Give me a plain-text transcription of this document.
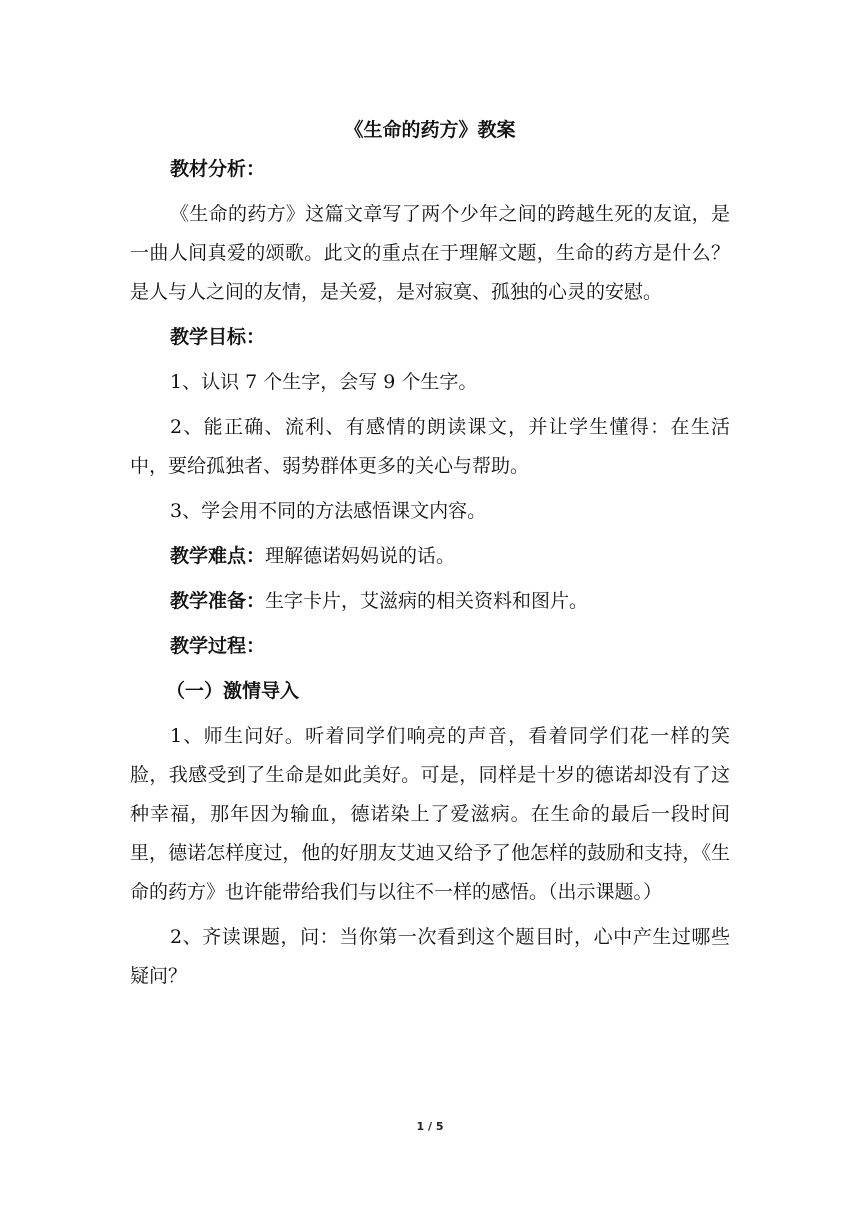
《生命的药方》教案

教材分析：

《生命的药方》这篇文章写了两个少年之间的跨越生死的友谊，是一曲人间真爱的颂歌。此文的重点在于理解文题，生命的药方是什么？是人与人之间的友情，是关爱，是对寂寞、孤独的心灵的安慰。

教学目标：

1、认识 7 个生字，会写 9 个生字。

2、能正确、流利、有感情的朗读课文，并让学生懂得：在生活中，要给孤独者、弱势群体更多的关心与帮助。

3、学会用不同的方法感悟课文内容。

教学难点：理解德诺妈妈说的话。

教学准备：生字卡片，艾滋病的相关资料和图片。

教学过程：

（一）激情导入

1、师生问好。听着同学们响亮的声音，看着同学们花一样的笑脸，我感受到了生命是如此美好。可是，同样是十岁的德诺却没有了这种幸福，那年因为输血，德诺染上了爱滋病。在生命的最后一段时间里，德诺怎样度过，他的好朋友艾迪又给予了他怎样的鼓励和支持，《生命的药方》也许能带给我们与以往不一样的感悟。（出示课题。）

2、齐读课题，问：当你第一次看到这个题目时，心中产生过哪些疑问？

1 / 5
